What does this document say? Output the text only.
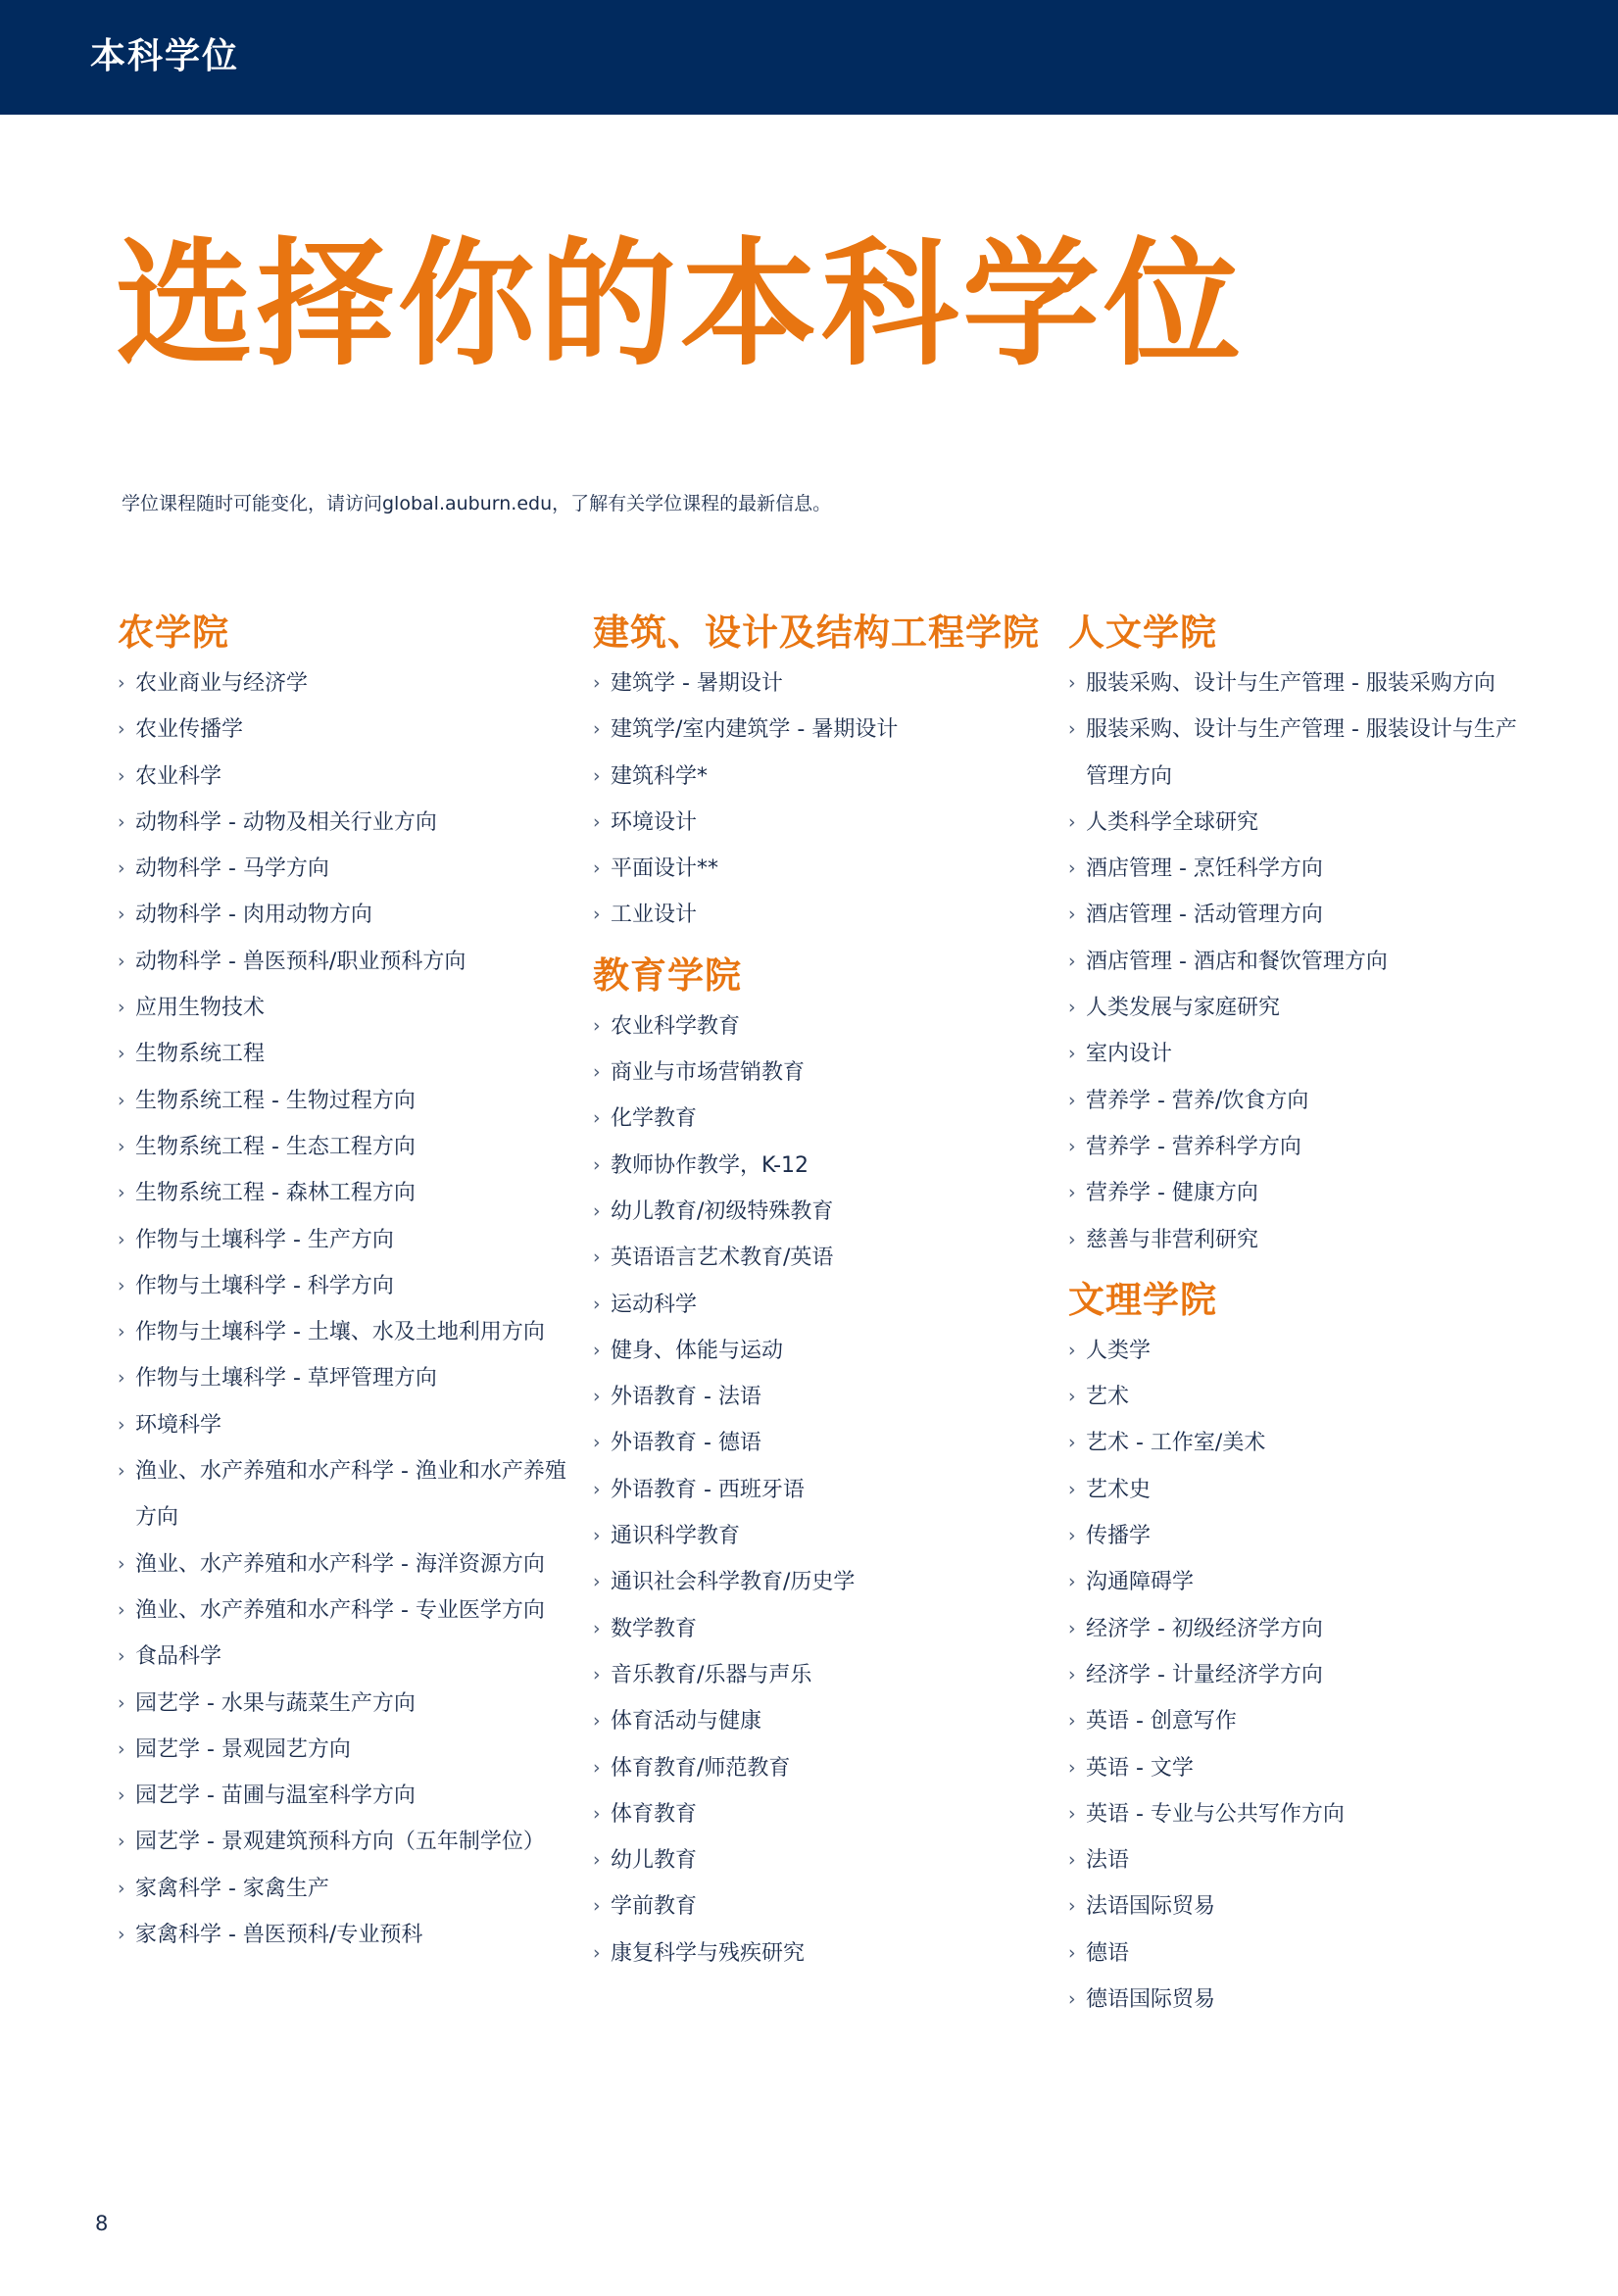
本科学位
选择你的本科学位
学位课程随时可能变化，请访问global.auburn.edu，了解有关学位课程的最新信息。
农学院
› 农业商业与经济学
› 农业传播学
› 农业科学
› 动物科学 - 动物及相关行业方向
› 动物科学 - 马学方向
› 动物科学 - 肉用动物方向
› 动物科学 - 兽医预科/职业预科方向
› 应用生物技术
› 生物系统工程
› 生物系统工程 - 生物过程方向
› 生物系统工程 - 生态工程方向
› 生物系统工程 - 森林工程方向
› 作物与土壤科学 - 生产方向
› 作物与土壤科学 - 科学方向
› 作物与土壤科学 - 土壤、水及土地利用方向
› 作物与土壤科学 - 草坪管理方向
› 环境科学
› 渔业、水产养殖和水产科学 - 渔业和水产养殖方向
› 渔业、水产养殖和水产科学 - 海洋资源方向
› 渔业、水产养殖和水产科学 - 专业医学方向
› 食品科学
› 园艺学 - 水果与蔬菜生产方向
› 园艺学 - 景观园艺方向
› 园艺学 - 苗圃与温室科学方向
› 园艺学 - 景观建筑预科方向（五年制学位）
› 家禽科学 - 家禽生产
› 家禽科学 - 兽医预科/专业预科
建筑、设计及结构工程学院
› 建筑学 - 暑期设计
› 建筑学/室内建筑学 - 暑期设计
› 建筑科学*
› 环境设计
› 平面设计**
› 工业设计
教育学院
› 农业科学教育
› 商业与市场营销教育
› 化学教育
› 教师协作教学，K-12
› 幼儿教育/初级特殊教育
› 英语语言艺术教育/英语
› 运动科学
› 健身、体能与运动
› 外语教育 - 法语
› 外语教育 - 德语
› 外语教育 - 西班牙语
› 通识科学教育
› 通识社会科学教育/历史学
› 数学教育
› 音乐教育/乐器与声乐
› 体育活动与健康
› 体育教育/师范教育
› 体育教育
› 幼儿教育
› 学前教育
› 康复科学与残疾研究
人文学院
› 服装采购、设计与生产管理 - 服装采购方向
› 服装采购、设计与生产管理 - 服装设计与生产管理方向
› 人类科学全球研究
› 酒店管理 - 烹饪科学方向
› 酒店管理 - 活动管理方向
› 酒店管理 - 酒店和餐饮管理方向
› 人类发展与家庭研究
› 室内设计
› 营养学 - 营养/饮食方向
› 营养学 - 营养科学方向
› 营养学 - 健康方向
› 慈善与非营利研究
文理学院
› 人类学
› 艺术
› 艺术 - 工作室/美术
› 艺术史
› 传播学
› 沟通障碍学
› 经济学 - 初级经济学方向
› 经济学 - 计量经济学方向
› 英语 - 创意写作
› 英语 - 文学
› 英语 - 专业与公共写作方向
› 法语
› 法语国际贸易
› 德语
› 德语国际贸易
8
